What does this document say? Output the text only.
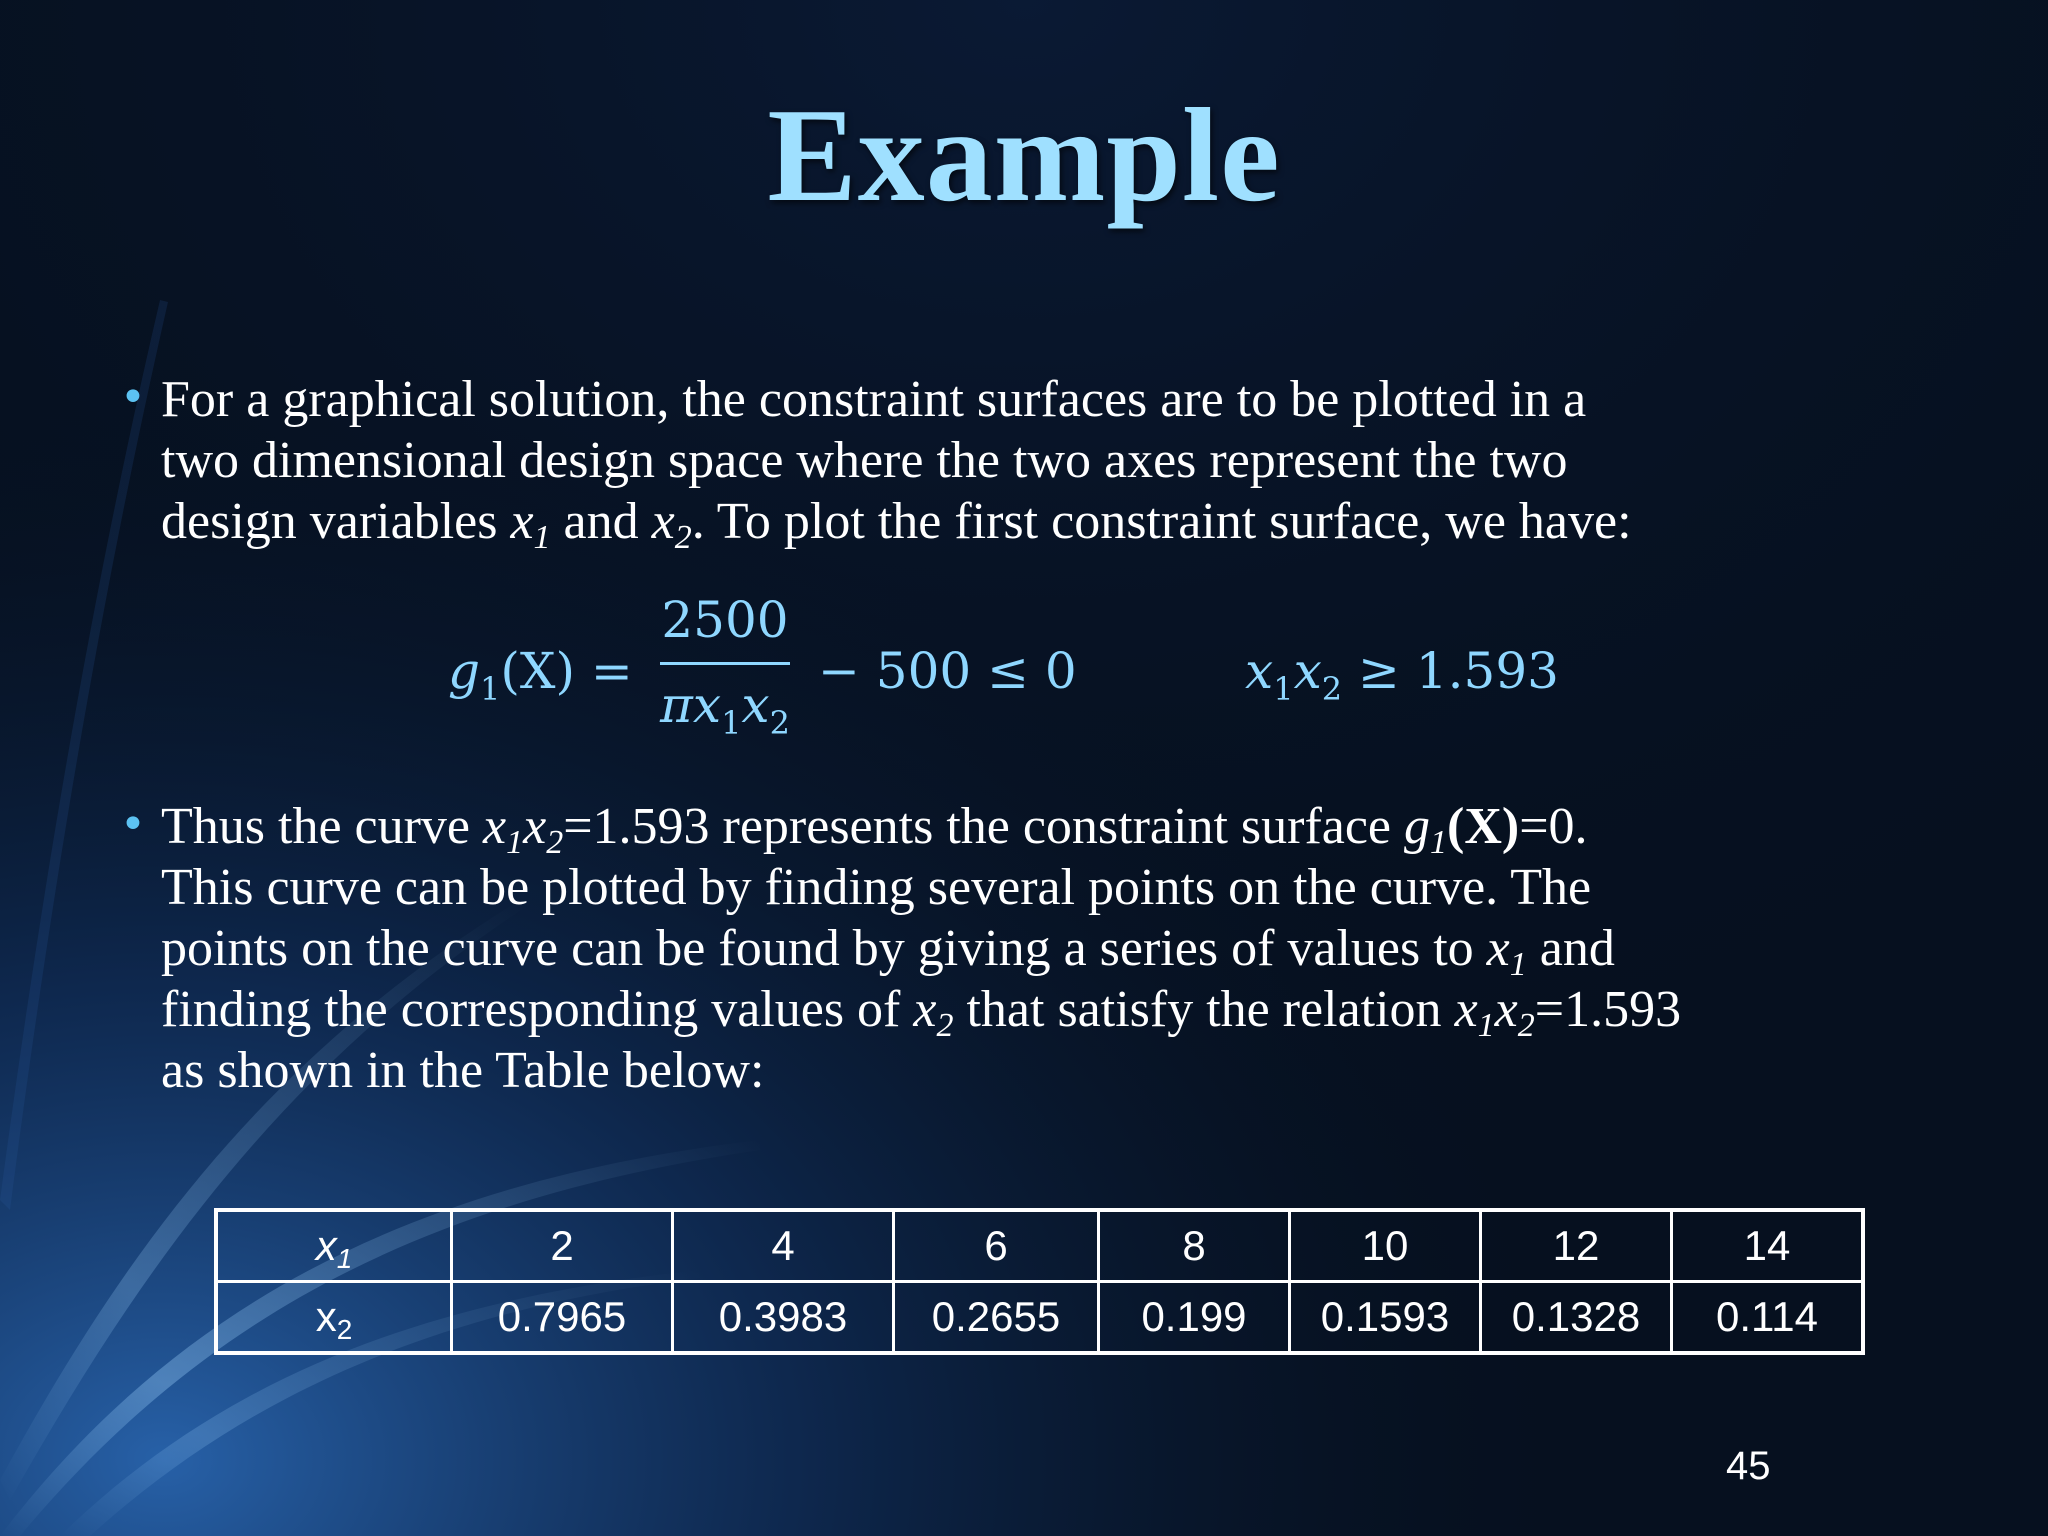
Example
• For a graphical solution, the constraint surfaces are to be plotted in a
two dimensional design space where the two axes represent the two
design variables $x_1$ and $x_2$. To plot the first constraint surface, we have:
$g_1(X)$ =
2500
$\pi x_1x_2$
− 500 ≤ 0	$x_1x_2 \ge 1.593$
• Thus the curve $x_1x_2=1.593$ represents the constraint surface $g_1(X)=0$.
This curve can be plotted by finding several points on the curve. The
points on the curve can be found by giving a series of values to $x_1$ and
finding the corresponding values of $x_2$ that satisfy the relation $x_1x_2=1.593$
as shown in the Table below:
$x_1$	2	4	6	8	10	12	14
$x_2$	0.7965	0.3983	0.2655	0.199	0.1593	0.1328	0.114
45
